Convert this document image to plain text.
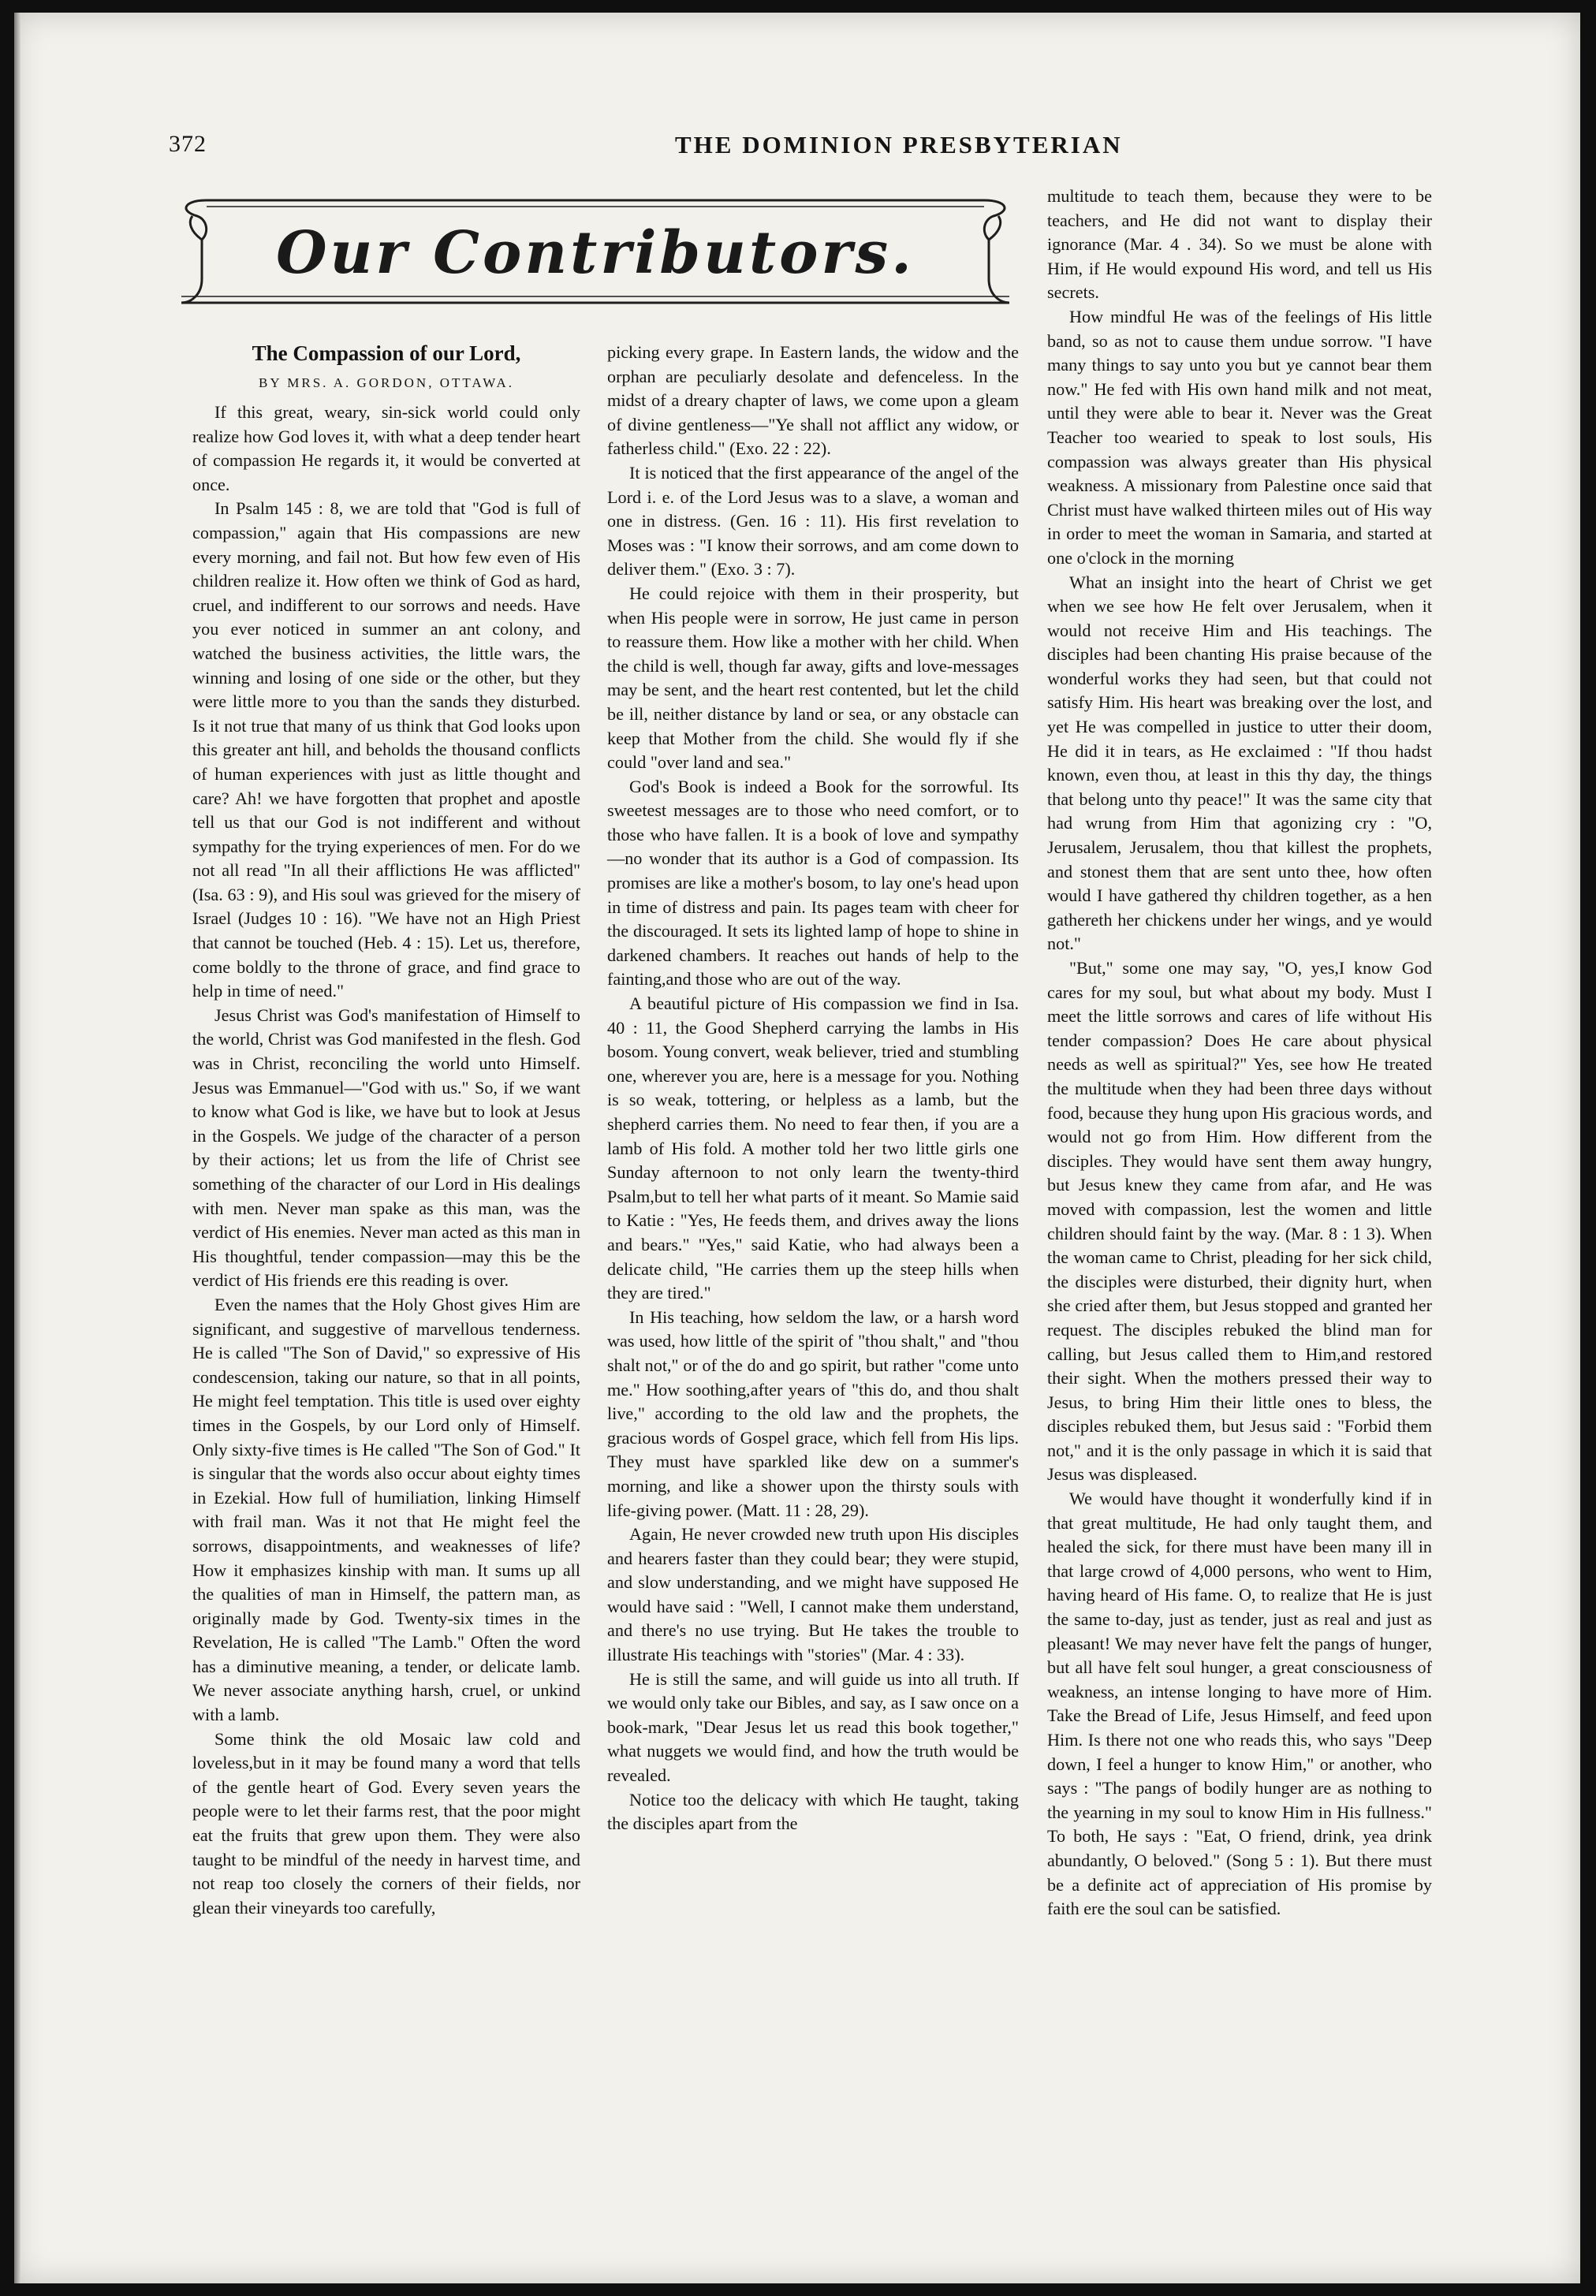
372	THE DOMINION PRESBYTERIAN
Our Contributors.
The Compassion of our Lord,
BY MRS. A. GORDON, OTTAWA.

If this great, weary, sin-sick world could only realize how God loves it, with what a deep tender heart of compassion He regards it, it would be converted at once.

In Psalm 145 : 8, we are told that "God is full of compassion," again that His compassions are new every morning, and fail not. But how few even of His children realize it. How often we think of God as hard, cruel, and indifferent to our sorrows and needs. Have you ever noticed in summer an ant colony, and watched the business activities, the little wars, the winning and losing of one side or the other, but they were little more to you than the sands they disturbed. Is it not true that many of us think that God looks upon this greater ant hill, and beholds the thousand conflicts of human experiences with just as little thought and care? Ah! we have forgotten that prophet and apostle tell us that our God is not indifferent and without sympathy for the trying experiences of men. For do we not all read "In all their afflictions He was afflicted" (Isa. 63 : 9), and His soul was grieved for the misery of Israel (Judges 10 : 16). "We have not an High Priest that cannot be touched (Heb. 4 : 15). Let us, therefore, come boldly to the throne of grace, and find grace to help in time of need."

Jesus Christ was God's manifestation of Himself to the world, Christ was God manifested in the flesh. God was in Christ, reconciling the world unto Himself. Jesus was Emmanuel—"God with us." So, if we want to know what God is like, we have but to look at Jesus in the Gospels. We judge of the character of a person by their actions; let us from the life of Christ see something of the character of our Lord in His dealings with men. Never man spake as this man, was the verdict of His enemies. Never man acted as this man in His thoughtful, tender compassion—may this be the verdict of His friends ere this reading is over.

Even the names that the Holy Ghost gives Him are significant, and suggestive of marvellous tenderness. He is called "The Son of David," so expressive of His condescension, taking our nature, so that in all points, He might feel temptation. This title is used over eighty times in the Gospels, by our Lord only of Himself. Only sixty-five times is He called "The Son of God." It is singular that the words also occur about eighty times in Ezekial. How full of humiliation, linking Himself with frail man. Was it not that He might feel the sorrows, disappointments, and weaknesses of life? How it emphasizes kinship with man. It sums up all the qualities of man in Himself, the pattern man, as originally made by God. Twenty-six times in the Revelation, He is called "The Lamb." Often the word has a diminutive meaning, a tender, or delicate lamb. We never associate anything harsh, cruel, or unkind with a lamb.

Some think the old Mosaic law cold and loveless,but in it may be found many a word that tells of the gentle heart of God. Every seven years the people were to let their farms rest, that the poor might eat the fruits that grew upon them. They were also taught to be mindful of the needy in harvest time, and not reap too closely the corners of their fields, nor glean their vineyards too carefully,

picking every grape. In Eastern lands, the widow and the orphan are peculiarly desolate and defenceless. In the midst of a dreary chapter of laws, we come upon a gleam of divine gentleness—"Ye shall not afflict any widow, or fatherless child." (Exo. 22 : 22).

It is noticed that the first appearance of the angel of the Lord i. e. of the Lord Jesus was to a slave, a woman and one in distress. (Gen. 16 : 11). His first revelation to Moses was : "I know their sorrows, and am come down to deliver them." (Exo. 3 : 7).

He could rejoice with them in their prosperity, but when His people were in sorrow, He just came in person to reassure them. How like a mother with her child. When the child is well, though far away, gifts and love-messages may be sent, and the heart rest contented, but let the child be ill, neither distance by land or sea, or any obstacle can keep that Mother from the child. She would fly if she could "over land and sea."

God's Book is indeed a Book for the sorrowful. Its sweetest messages are to those who need comfort, or to those who have fallen. It is a book of love and sympathy—no wonder that its author is a God of compassion. Its promises are like a mother's bosom, to lay one's head upon in time of distress and pain. Its pages team with cheer for the discouraged. It sets its lighted lamp of hope to shine in darkened chambers. It reaches out hands of help to the fainting,and those who are out of the way.

A beautiful picture of His compassion we find in Isa. 40 : 11, the Good Shepherd carrying the lambs in His bosom. Young convert, weak believer, tried and stumbling one, wherever you are, here is a message for you. Nothing is so weak, tottering, or helpless as a lamb, but the shepherd carries them. No need to fear then, if you are a lamb of His fold. A mother told her two little girls one Sunday afternoon to not only learn the twenty-third Psalm,but to tell her what parts of it meant. So Mamie said to Katie : "Yes, He feeds them, and drives away the lions and bears." "Yes," said Katie, who had always been a delicate child, "He carries them up the steep hills when they are tired."

In His teaching, how seldom the law, or a harsh word was used, how little of the spirit of "thou shalt," and "thou shalt not," or of the do and go spirit, but rather "come unto me." How soothing,after years of "this do, and thou shalt live," according to the old law and the prophets, the gracious words of Gospel grace, which fell from His lips. They must have sparkled like dew on a summer's morning, and like a shower upon the thirsty souls with life-giving power. (Matt. 11 : 28, 29).

Again, He never crowded new truth upon His disciples and hearers faster than they could bear; they were stupid, and slow understanding, and we might have supposed He would have said : "Well, I cannot make them understand, and there's no use trying. But He takes the trouble to illustrate His teachings with "stories" (Mar. 4 : 33).

He is still the same, and will guide us into all truth. If we would only take our Bibles, and say, as I saw once on a book-mark, "Dear Jesus let us read this book together," what nuggets we would find, and how the truth would be revealed.

Notice too the delicacy with which He taught, taking the disciples apart from the

multitude to teach them, because they were to be teachers, and He did not want to display their ignorance (Mar. 4 . 34). So we must be alone with Him, if He would expound His word, and tell us His secrets.

How mindful He was of the feelings of His little band, so as not to cause them undue sorrow. "I have many things to say unto you but ye cannot bear them now." He fed with His own hand milk and not meat, until they were able to bear it. Never was the Great Teacher too wearied to speak to lost souls, His compassion was always greater than His physical weakness. A missionary from Palestine once said that Christ must have walked thirteen miles out of His way in order to meet the woman in Samaria, and started at one o'clock in the morning

What an insight into the heart of Christ we get when we see how He felt over Jerusalem, when it would not receive Him and His teachings. The disciples had been chanting His praise because of the wonderful works they had seen, but that could not satisfy Him. His heart was breaking over the lost, and yet He was compelled in justice to utter their doom, He did it in tears, as He exclaimed : "If thou hadst known, even thou, at least in this thy day, the things that belong unto thy peace!" It was the same city that had wrung from Him that agonizing cry : "O, Jerusalem, Jerusalem, thou that killest the prophets, and stonest them that are sent unto thee, how often would I have gathered thy children together, as a hen gathereth her chickens under her wings, and ye would not."

"But," some one may say, "O, yes,I know God cares for my soul, but what about my body. Must I meet the little sorrows and cares of life without His tender compassion? Does He care about physical needs as well as spiritual?" Yes, see how He treated the multitude when they had been three days without food, because they hung upon His gracious words, and would not go from Him. How different from the disciples. They would have sent them away hungry, but Jesus knew they came from afar, and He was moved with compassion, lest the women and little children should faint by the way. (Mar. 8 : 1 3). When the woman came to Christ, pleading for her sick child, the disciples were disturbed, their dignity hurt, when she cried after them, but Jesus stopped and granted her request. The disciples rebuked the blind man for calling, but Jesus called them to Him,and restored their sight. When the mothers pressed their way to Jesus, to bring Him their little ones to bless, the disciples rebuked them, but Jesus said : "Forbid them not," and it is the only passage in which it is said that Jesus was displeased.

We would have thought it wonderfully kind if in that great multitude, He had only taught them, and healed the sick, for there must have been many ill in that large crowd of 4,000 persons, who went to Him, having heard of His fame. O, to realize that He is just the same to-day, just as tender, just as real and just as pleasant! We may never have felt the pangs of hunger, but all have felt soul hunger, a great consciousness of weakness, an intense longing to have more of Him. Take the Bread of Life, Jesus Himself, and feed upon Him. Is there not one who reads this, who says "Deep down, I feel a hunger to know Him," or another, who says : "The pangs of bodily hunger are as nothing to the yearning in my soul to know Him in His fullness." To both, He says : "Eat, O friend, drink, yea drink abundantly, O beloved." (Song 5 : 1). But there must be a definite act of appreciation of His promise by faith ere the soul can be satisfied.
